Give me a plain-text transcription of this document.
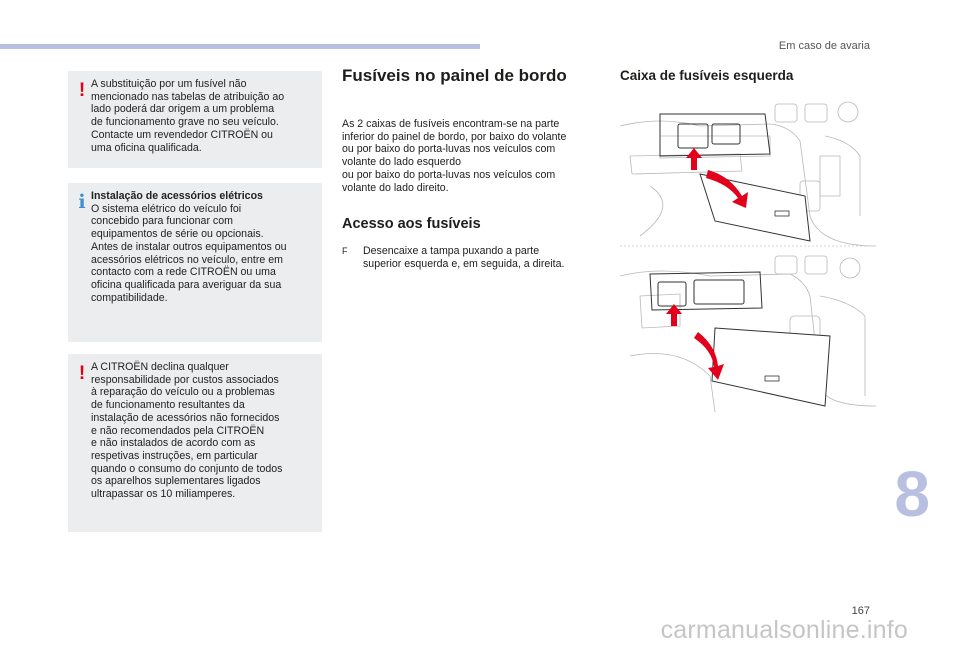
Em caso de avaria
! A substituição por um fusível não
mencionado nas tabelas de atribuição ao
lado poderá dar origem a um problema
de funcionamento grave no seu veículo.
Contacte um revendedor CITROËN ou
uma oficina qualificada.

i Instalação de acessórios elétricos

O sistema elétrico do veículo foi
concebido para funcionar com
equipamentos de série ou opcionais.
Antes de instalar outros equipamentos ou
acessórios elétricos no veículo, entre em
contacto com a rede CITROËN ou uma
oficina qualificada para averiguar da sua
compatibilidade.

! A CITROËN declina qualquer
responsabilidade por custos associados
à reparação do veículo ou a problemas
de funcionamento resultantes da
instalação de acessórios não fornecidos
e não recomendados pela CITROËN
e não instalados de acordo com as
respetivas instruções, em particular
quando o consumo do conjunto de todos
os aparelhos suplementares ligados
ultrapassar os 10 miliamperes.

Fusíveis no painel de bordo
As 2 caixas de fusíveis encontram-se na parte
inferior do painel de bordo, por baixo do volante
ou por baixo do porta-luvas nos veículos com
volante do lado esquerdo
ou por baixo do porta-luvas nos veículos com
volante do lado direito.
Acesso aos fusíveis
F	Desencaixe a tampa puxando a parte
superior esquerda e, em seguida, a direita.
Caixa de fusíveis esquerda
8
167
carmanualsonline.info
